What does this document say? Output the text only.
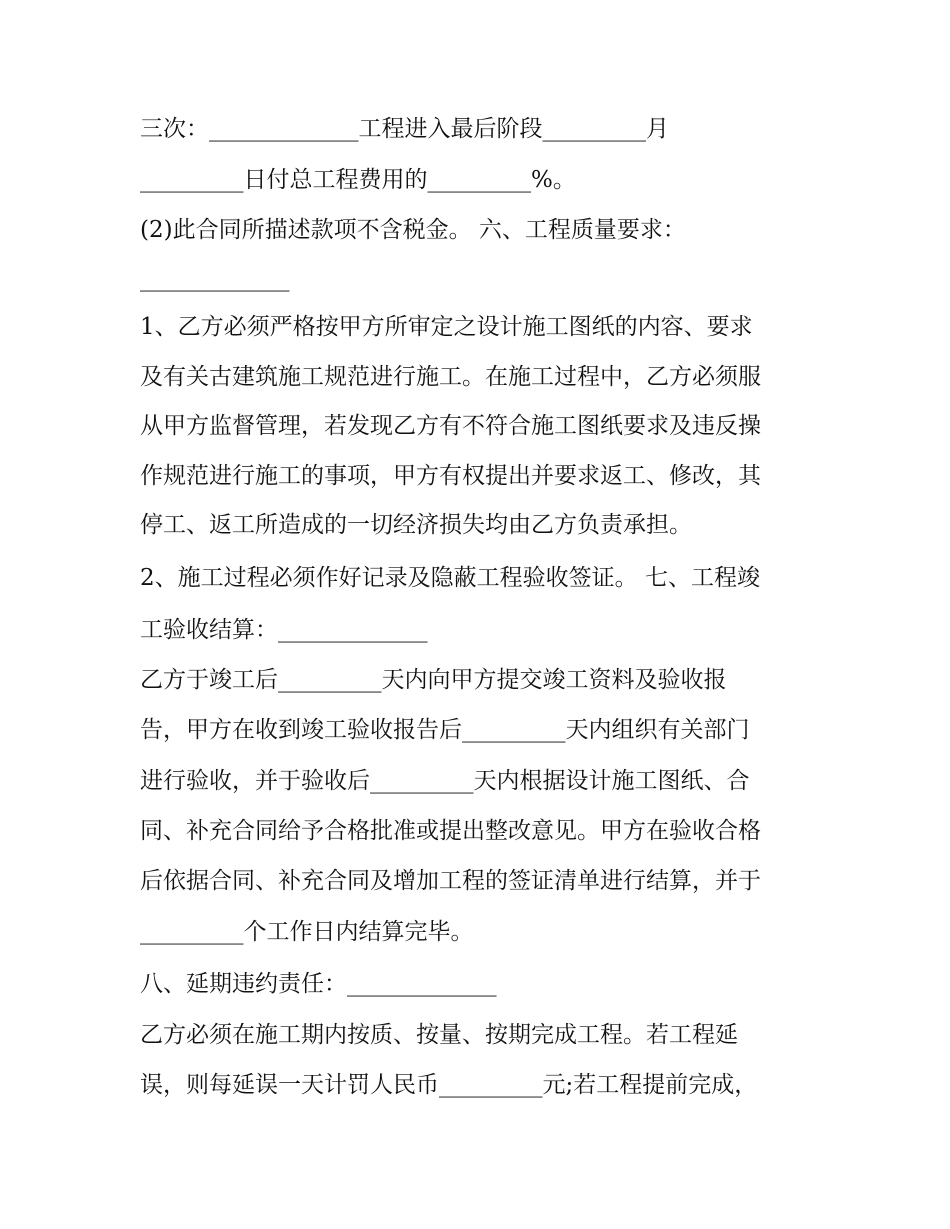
三次：_____________工程进入最后阶段_________月
_________日付总工程费用的_________%。
(2)此合同所描述款项不含税金。 六、工程质量要求：
_____________
1、乙方必须严格按甲方所审定之设计施工图纸的内容、要求
及有关古建筑施工规范进行施工。在施工过程中，乙方必须服
从甲方监督管理，若发现乙方有不符合施工图纸要求及违反操
作规范进行施工的事项，甲方有权提出并要求返工、修改，其
停工、返工所造成的一切经济损失均由乙方负责承担。
2、施工过程必须作好记录及隐蔽工程验收签证。 七、工程竣
工验收结算：_____________
乙方于竣工后_________天内向甲方提交竣工资料及验收报
告，甲方在收到竣工验收报告后_________天内组织有关部门
进行验收，并于验收后_________天内根据设计施工图纸、合
同、补充合同给予合格批准或提出整改意见。甲方在验收合格
后依据合同、补充合同及增加工程的签证清单进行结算，并于
_________个工作日内结算完毕。
八、延期违约责任：_____________
乙方必须在施工期内按质、按量、按期完成工程。若工程延
误，则每延误一天计罚人民币_________元;若工程提前完成，
